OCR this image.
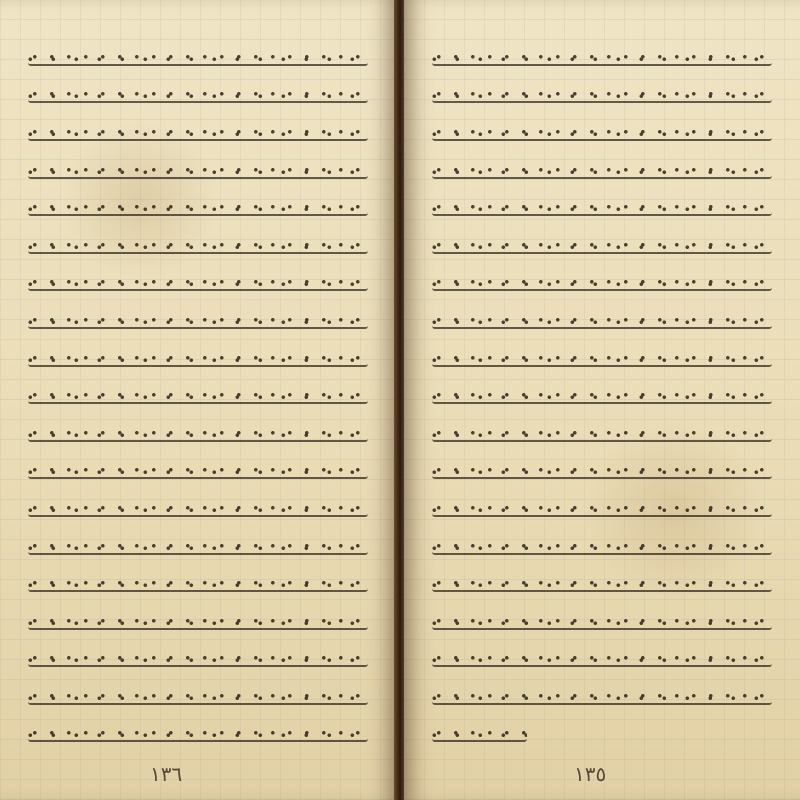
١٣٦	١٣٥
